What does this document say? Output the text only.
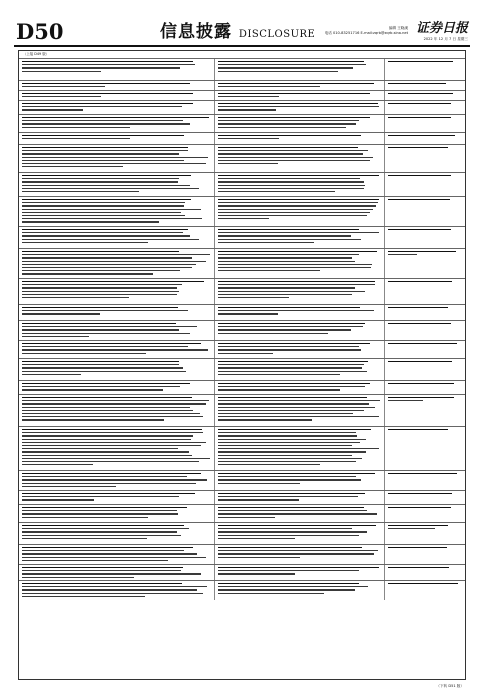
D50	信息披露 DISCLOSURE
编辑 王晓溪
电话 010-83251716 E-mail:zqrb@zqrb.sina.net 证券日报
2022 年 12 月 7 日 星期三
（上接 D49 版）
（下转 D51 版）
